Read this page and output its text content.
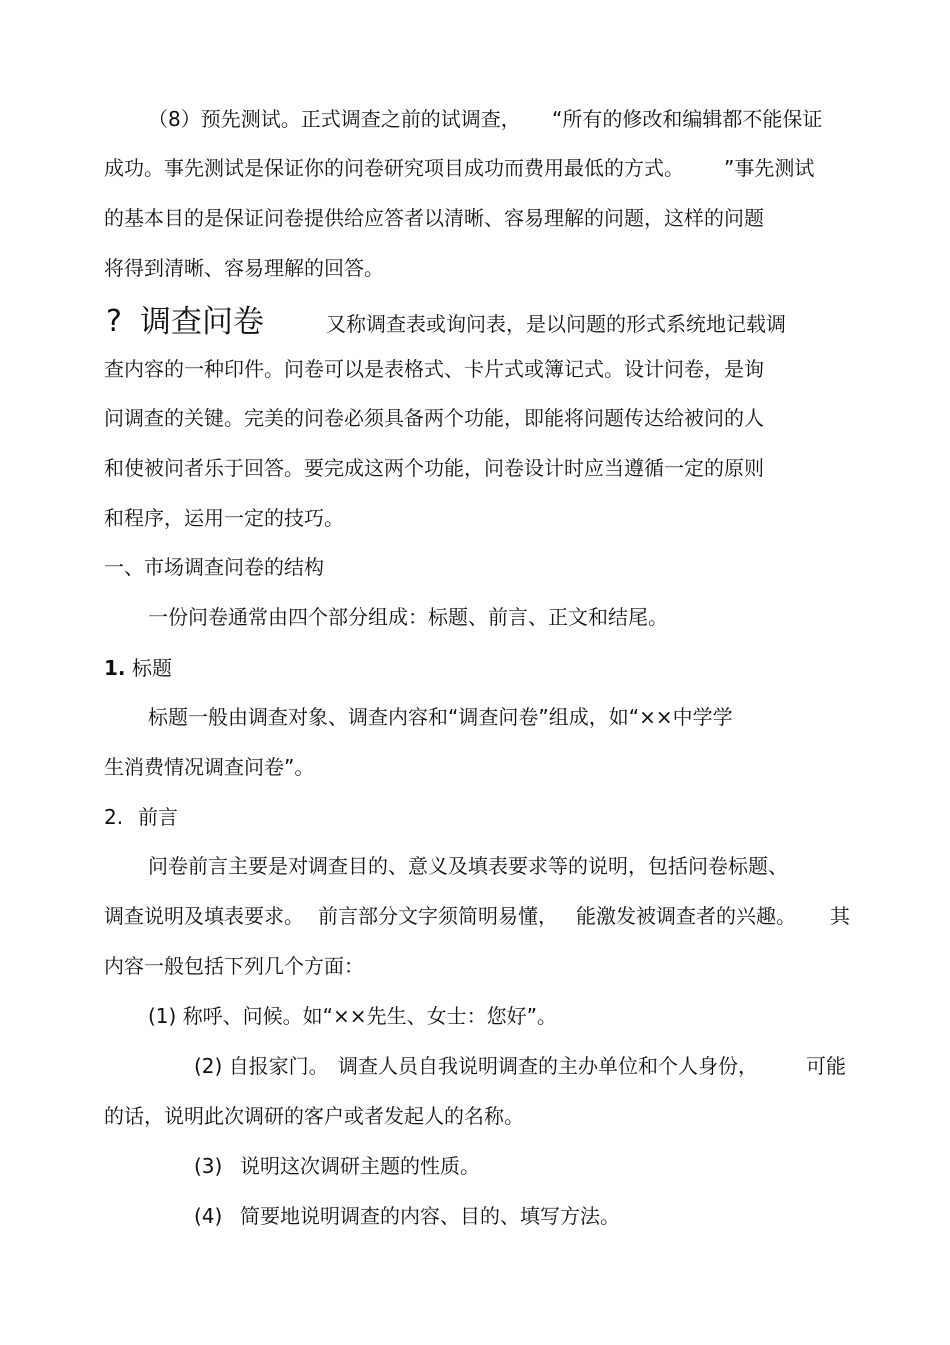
（8）预先测试。正式调查之前的试调查， “所有的修改和编辑都不能保证
成功。事先测试是保证你的问卷研究项目成功而费用最低的方式。 ”事先测试
的基本目的是保证问卷提供给应答者以清晰、容易理解的问题，这样的问题
将得到清晰、容易理解的回答。
? 调查问卷	又称调查表或询问表，是以问题的形式系统地记载调
查内容的一种印件。问卷可以是表格式、卡片式或簿记式。设计问卷，是询
问调查的关键。完美的问卷必须具备两个功能，即能将问题传达给被问的人
和使被问者乐于回答。要完成这两个功能，问卷设计时应当遵循一定的原则
和程序，运用一定的技巧。
一、市场调查问卷的结构
一份问卷通常由四个部分组成：标题、前言、正文和结尾。
1. 标题
标题一般由调查对象、调查内容和“调查问卷”组成，如“××中学学
生消费情况调查问卷”。
2. 前言
问卷前言主要是对调查目的、意义及填表要求等的说明，包括问卷标题、
调查说明及填表要求。 前言部分文字须简明易懂， 能激发被调查者的兴趣。 其
内容一般包括下列几个方面：
(1) 称呼、问候。如“××先生、女士：您好”。
(2) 自报家门。 调查人员自我说明调查的主办单位和个人身份， 可能
的话，说明此次调研的客户或者发起人的名称。
(3) 说明这次调研主题的性质。
(4) 简要地说明调查的内容、目的、填写方法。
